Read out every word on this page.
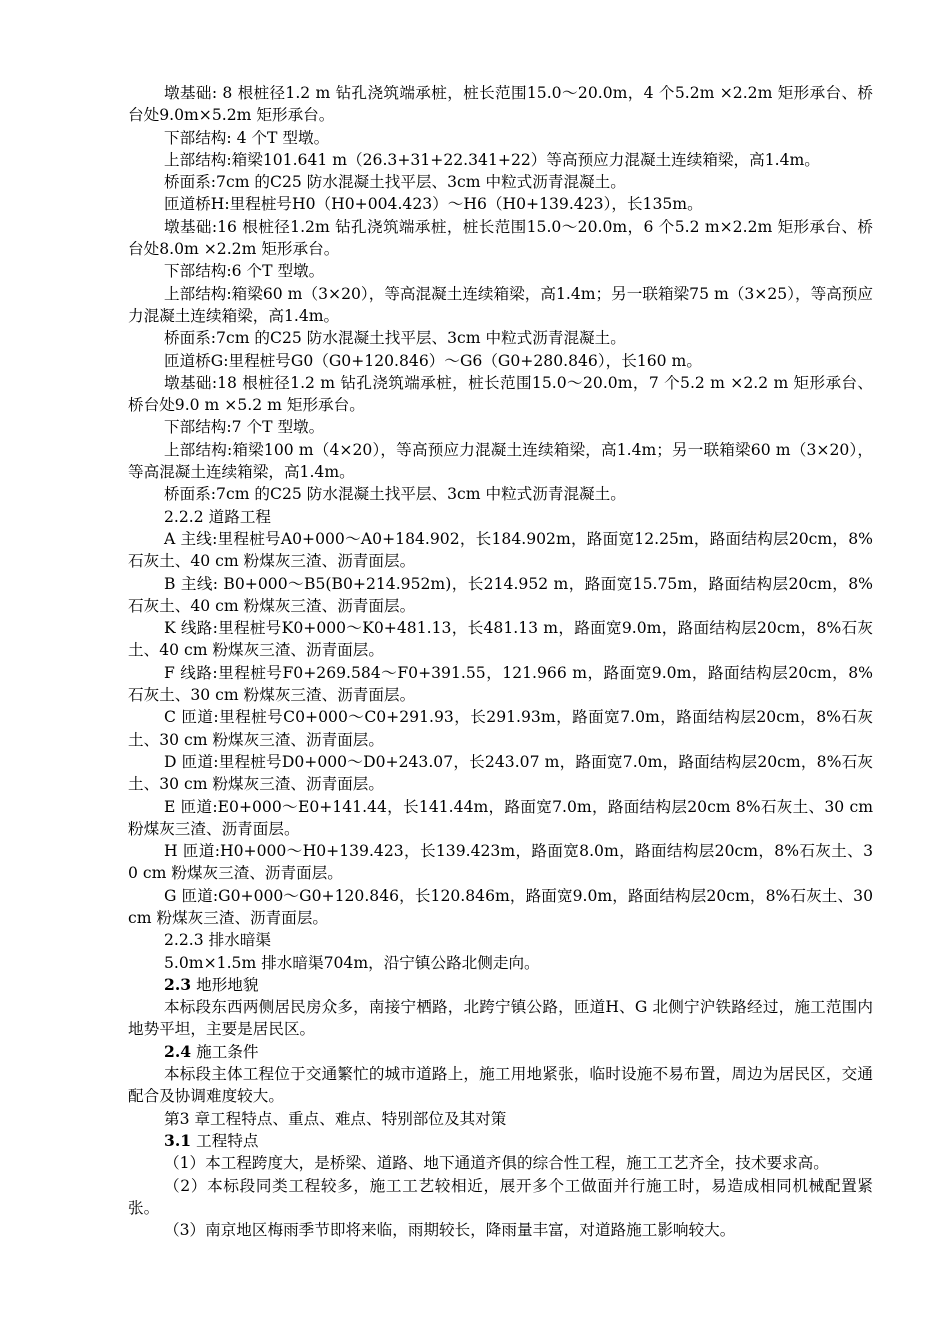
墩基础: 8 根桩径1.2 m 钻孔浇筑端承桩，桩长范围15.0～20.0m，4 个5.2m ×2.2m 矩形承台、桥台处9.0m×5.2m 矩形承台。

下部结构: 4 个T 型墩。

上部结构:箱梁101.641 m（26.3+31+22.341+22）等高预应力混凝土连续箱梁，高1.4m。

桥面系:7cm 的C25 防水混凝土找平层、3cm 中粒式沥青混凝土。

匝道桥H:里程桩号H0（H0+004.423）～H6（H0+139.423），长135m。

墩基础:16 根桩径1.2m 钻孔浇筑端承桩，桩长范围15.0～20.0m，6 个5.2 m×2.2m 矩形承台、桥台处8.0m ×2.2m 矩形承台。

下部结构:6 个T 型墩。

上部结构:箱梁60 m（3×20），等高混凝土连续箱梁，高1.4m；另一联箱梁75 m（3×25），等高预应力混凝土连续箱梁，高1.4m。

桥面系:7cm 的C25 防水混凝土找平层、3cm 中粒式沥青混凝土。

匝道桥G:里程桩号G0（G0+120.846）～G6（G0+280.846），长160 m。

墩基础:18 根桩径1.2 m 钻孔浇筑端承桩，桩长范围15.0～20.0m，7 个5.2 m ×2.2 m 矩形承台、桥台处9.0 m ×5.2 m 矩形承台。

下部结构:7 个T 型墩。

上部结构:箱梁100 m（4×20），等高预应力混凝土连续箱梁，高1.4m；另一联箱梁60 m（3×20），等高混凝土连续箱梁，高1.4m。

桥面系:7cm 的C25 防水混凝土找平层、3cm 中粒式沥青混凝土。

2.2.2 道路工程

A 主线:里程桩号A0+000～A0+184.902，长184.902m，路面宽12.25m，路面结构层20cm，8%石灰土、40 cm 粉煤灰三渣、沥青面层。

B 主线: B0+000～B5(B0+214.952m)，长214.952 m，路面宽15.75m，路面结构层20cm，8%石灰土、40 cm 粉煤灰三渣、沥青面层。

K 线路:里程桩号K0+000～K0+481.13，长481.13 m，路面宽9.0m，路面结构层20cm，8%石灰土、40 cm 粉煤灰三渣、沥青面层。

F 线路:里程桩号F0+269.584～F0+391.55，121.966 m，路面宽9.0m，路面结构层20cm，8%石灰土、30 cm 粉煤灰三渣、沥青面层。

C 匝道:里程桩号C0+000～C0+291.93，长291.93m，路面宽7.0m，路面结构层20cm，8%石灰土、30 cm 粉煤灰三渣、沥青面层。

D 匝道:里程桩号D0+000～D0+243.07，长243.07 m，路面宽7.0m，路面结构层20cm，8%石灰土、30 cm 粉煤灰三渣、沥青面层。

E 匝道:E0+000～E0+141.44，长141.44m，路面宽7.0m，路面结构层20cm 8%石灰土、30 cm 粉煤灰三渣、沥青面层。

H 匝道:H0+000～H0+139.423，长139.423m，路面宽8.0m，路面结构层20cm，8%石灰土、30 cm 粉煤灰三渣、沥青面层。

G 匝道:G0+000～G0+120.846，长120.846m，路面宽9.0m，路面结构层20cm，8%石灰土、30 cm 粉煤灰三渣、沥青面层。

2.2.3 排水暗渠

5.0m×1.5m 排水暗渠704m，沿宁镇公路北侧走向。

2.3 地形地貌

本标段东西两侧居民房众多，南接宁栖路，北跨宁镇公路，匝道H、G 北侧宁沪铁路经过，施工范围内地势平坦，主要是居民区。

2.4 施工条件

本标段主体工程位于交通繁忙的城市道路上，施工用地紧张，临时设施不易布置，周边为居民区，交通配合及协调难度较大。

第3 章工程特点、重点、难点、特别部位及其对策

3.1 工程特点

（1）本工程跨度大，是桥梁、道路、地下通道齐俱的综合性工程，施工工艺齐全，技术要求高。

（2）本标段同类工程较多，施工工艺较相近，展开多个工做面并行施工时，易造成相同机械配置紧张。

（3）南京地区梅雨季节即将来临，雨期较长，降雨量丰富，对道路施工影响较大。
